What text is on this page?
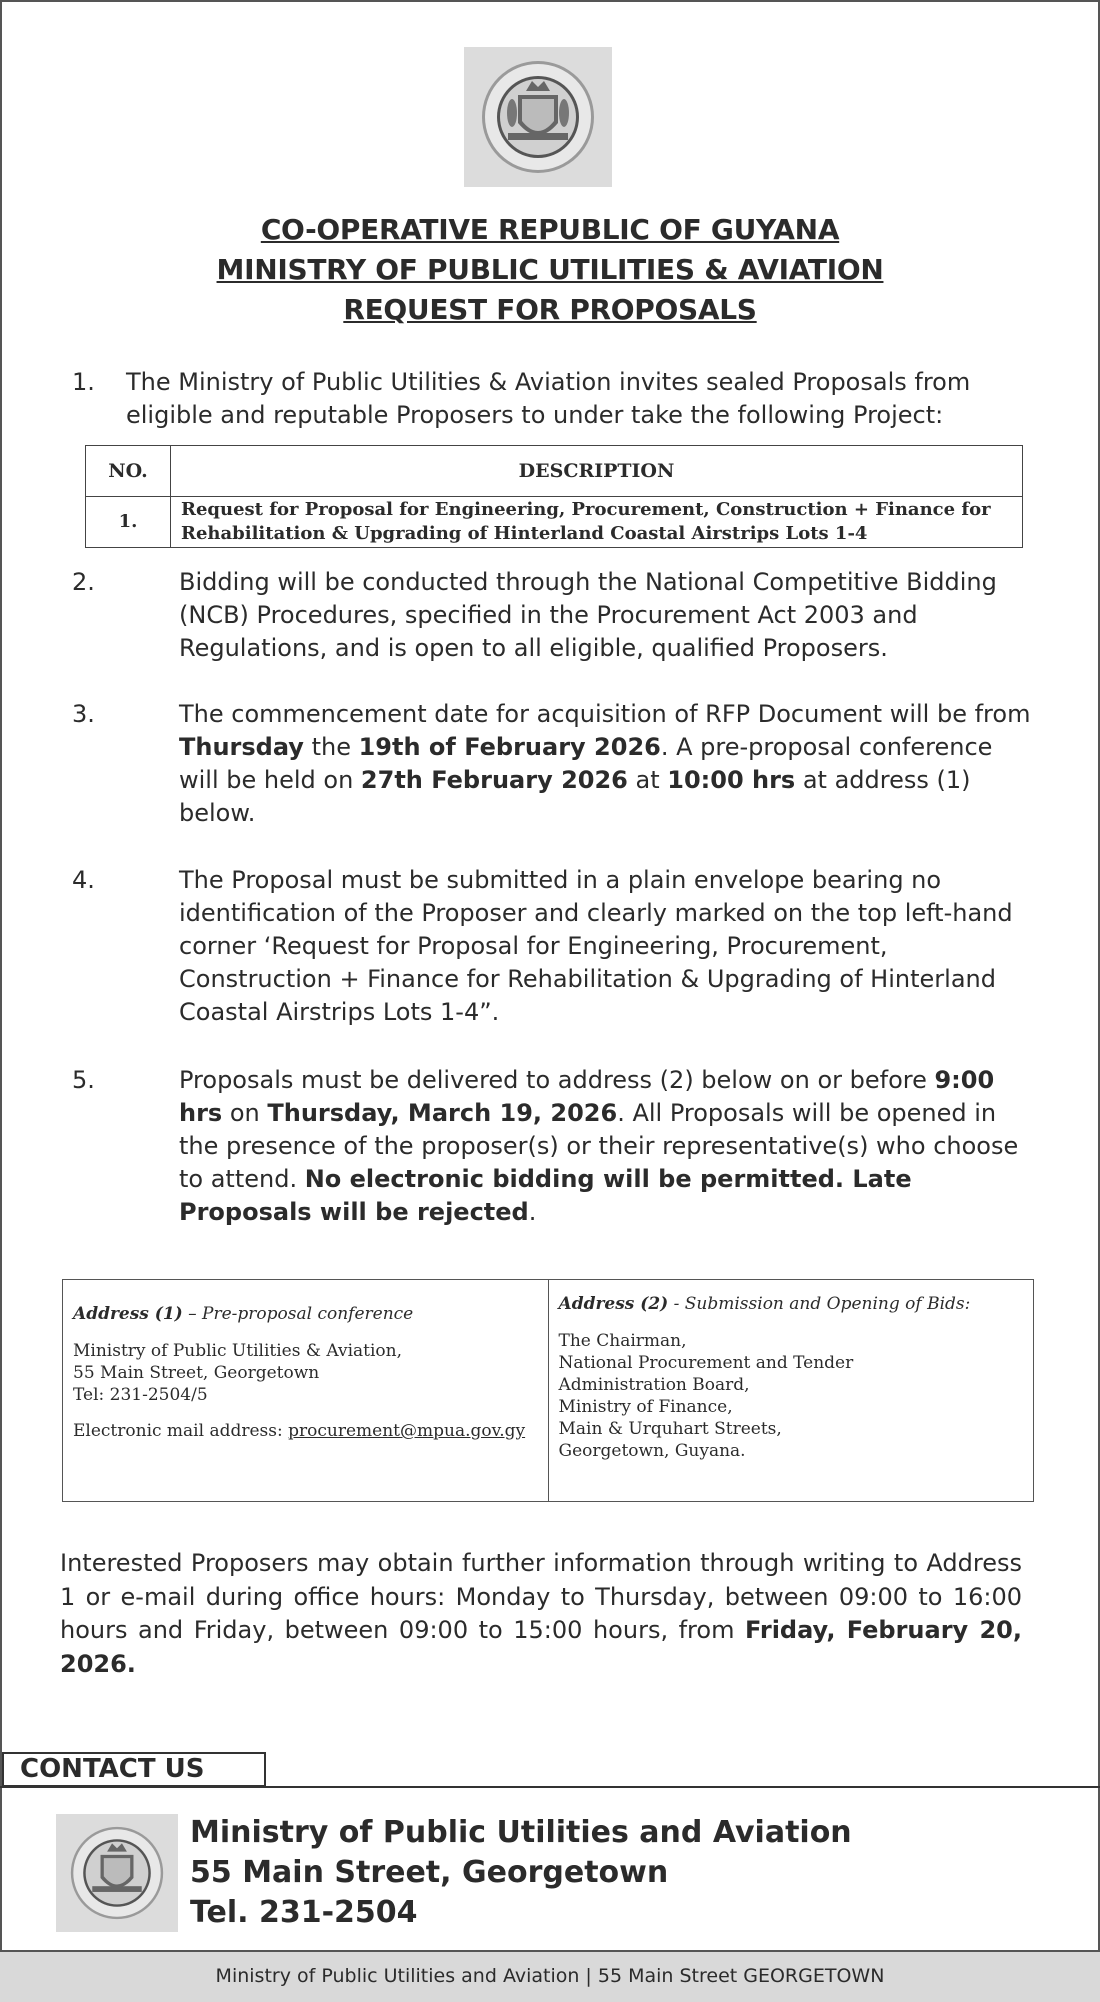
CO-OPERATIVE REPUBLIC OF GUYANA
MINISTRY OF PUBLIC UTILITIES & AVIATION
REQUEST FOR PROPOSALS
1. The Ministry of Public Utilities & Aviation invites sealed Proposals from eligible and reputable Proposers to under take the following Project:
NO.	DESCRIPTION
1.	Request for Proposal for Engineering, Procurement, Construction + Finance for Rehabilitation & Upgrading of Hinterland Coastal Airstrips Lots 1-4
2.	Bidding will be conducted through the National Competitive Bidding (NCB) Procedures, specified in the Procurement Act 2003 and Regulations, and is open to all eligible, qualified Proposers.
3.	The commencement date for acquisition of RFP Document will be from Thursday the 19th of February 2026. A pre-proposal conference will be held on 27th February 2026 at 10:00 hrs at address (1) below.
4.	The Proposal must be submitted in a plain envelope bearing no identification of the Proposer and clearly marked on the top left-hand corner ‘Request for Proposal for Engineering, Procurement, Construction + Finance for Rehabilitation & Upgrading of Hinterland Coastal Airstrips Lots 1-4”.
5.	Proposals must be delivered to address (2) below on or before 9:00 hrs on Thursday, March 19, 2026. All Proposals will be opened in the presence of the proposer(s) or their representative(s) who choose to attend. No electronic bidding will be permitted. Late Proposals will be rejected.
Address (1) – Pre-proposal conference
Ministry of Public Utilities & Aviation,
55 Main Street, Georgetown
Tel: 231-2504/5
Electronic mail address: procurement@mpua.gov.gy

Address (2) - Submission and Opening of Bids:
The Chairman,
National Procurement and Tender
Administration Board,
Ministry of Finance,
Main & Urquhart Streets,
Georgetown, Guyana.
Interested Proposers may obtain further information through writing to Address 1 or e-mail during office hours: Monday to Thursday, between 09:00 to 16:00 hours and Friday, between 09:00 to 15:00 hours, from Friday, February 20, 2026.
CONTACT US
Ministry of Public Utilities and Aviation
55 Main Street, Georgetown
Tel. 231-2504
Ministry of Public Utilities and Aviation | 55 Main Street GEORGETOWN
